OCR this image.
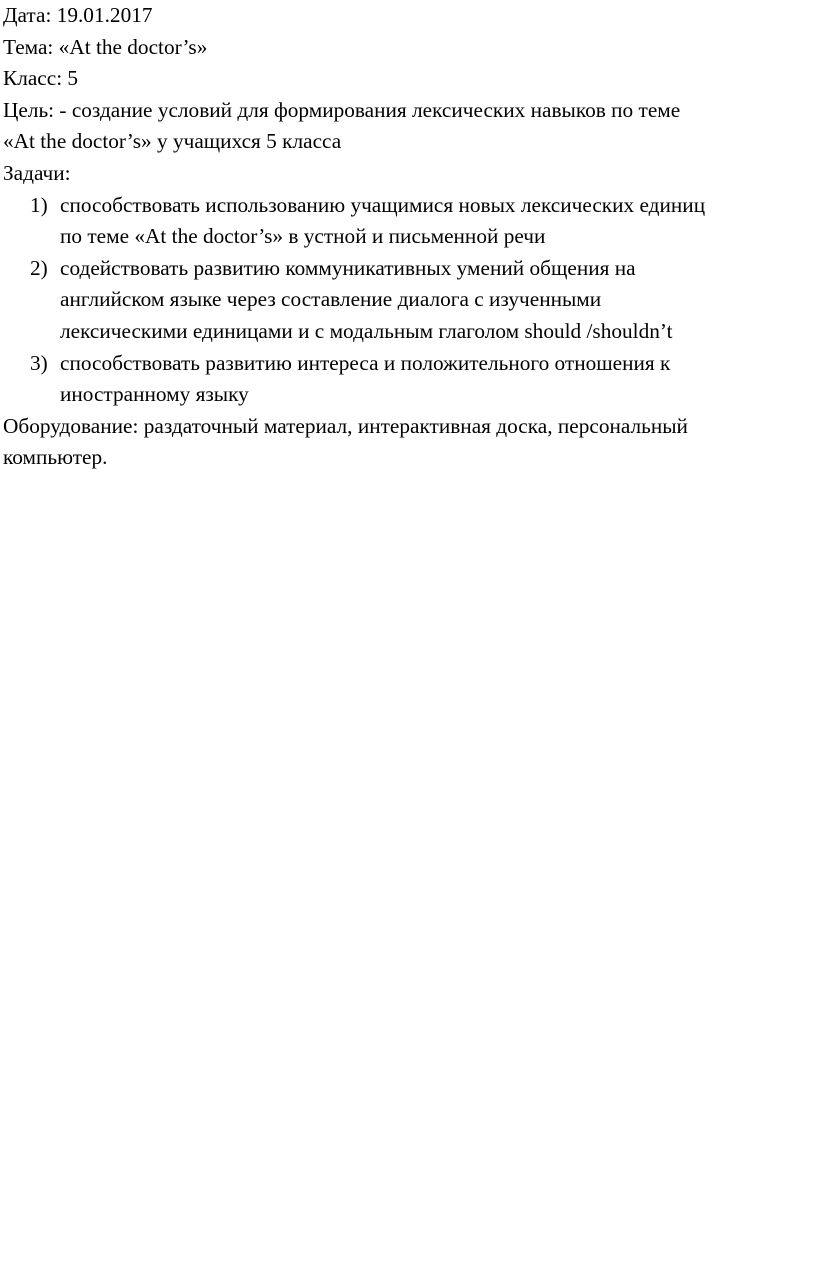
Дата: 19.01.2017

Тема: «At the doctor’s»

Класс: 5

Цель: - создание условий для формирования лексических навыков по теме

«At the doctor’s» у учащихся 5 класса

Задачи:

1) способствовать использованию учащимися новых лексических единиц

по теме «At the doctor’s» в устной и письменной речи

2) содействовать развитию коммуникативных умений общения на

английском языке через составление диалога с изученными

лексическими единицами и с модальным глаголом should /shouldn’t

3) способствовать развитию интереса и положительного отношения к

иностранному языку

Оборудование: раздаточный материал, интерактивная доска, персональный

компьютер.
